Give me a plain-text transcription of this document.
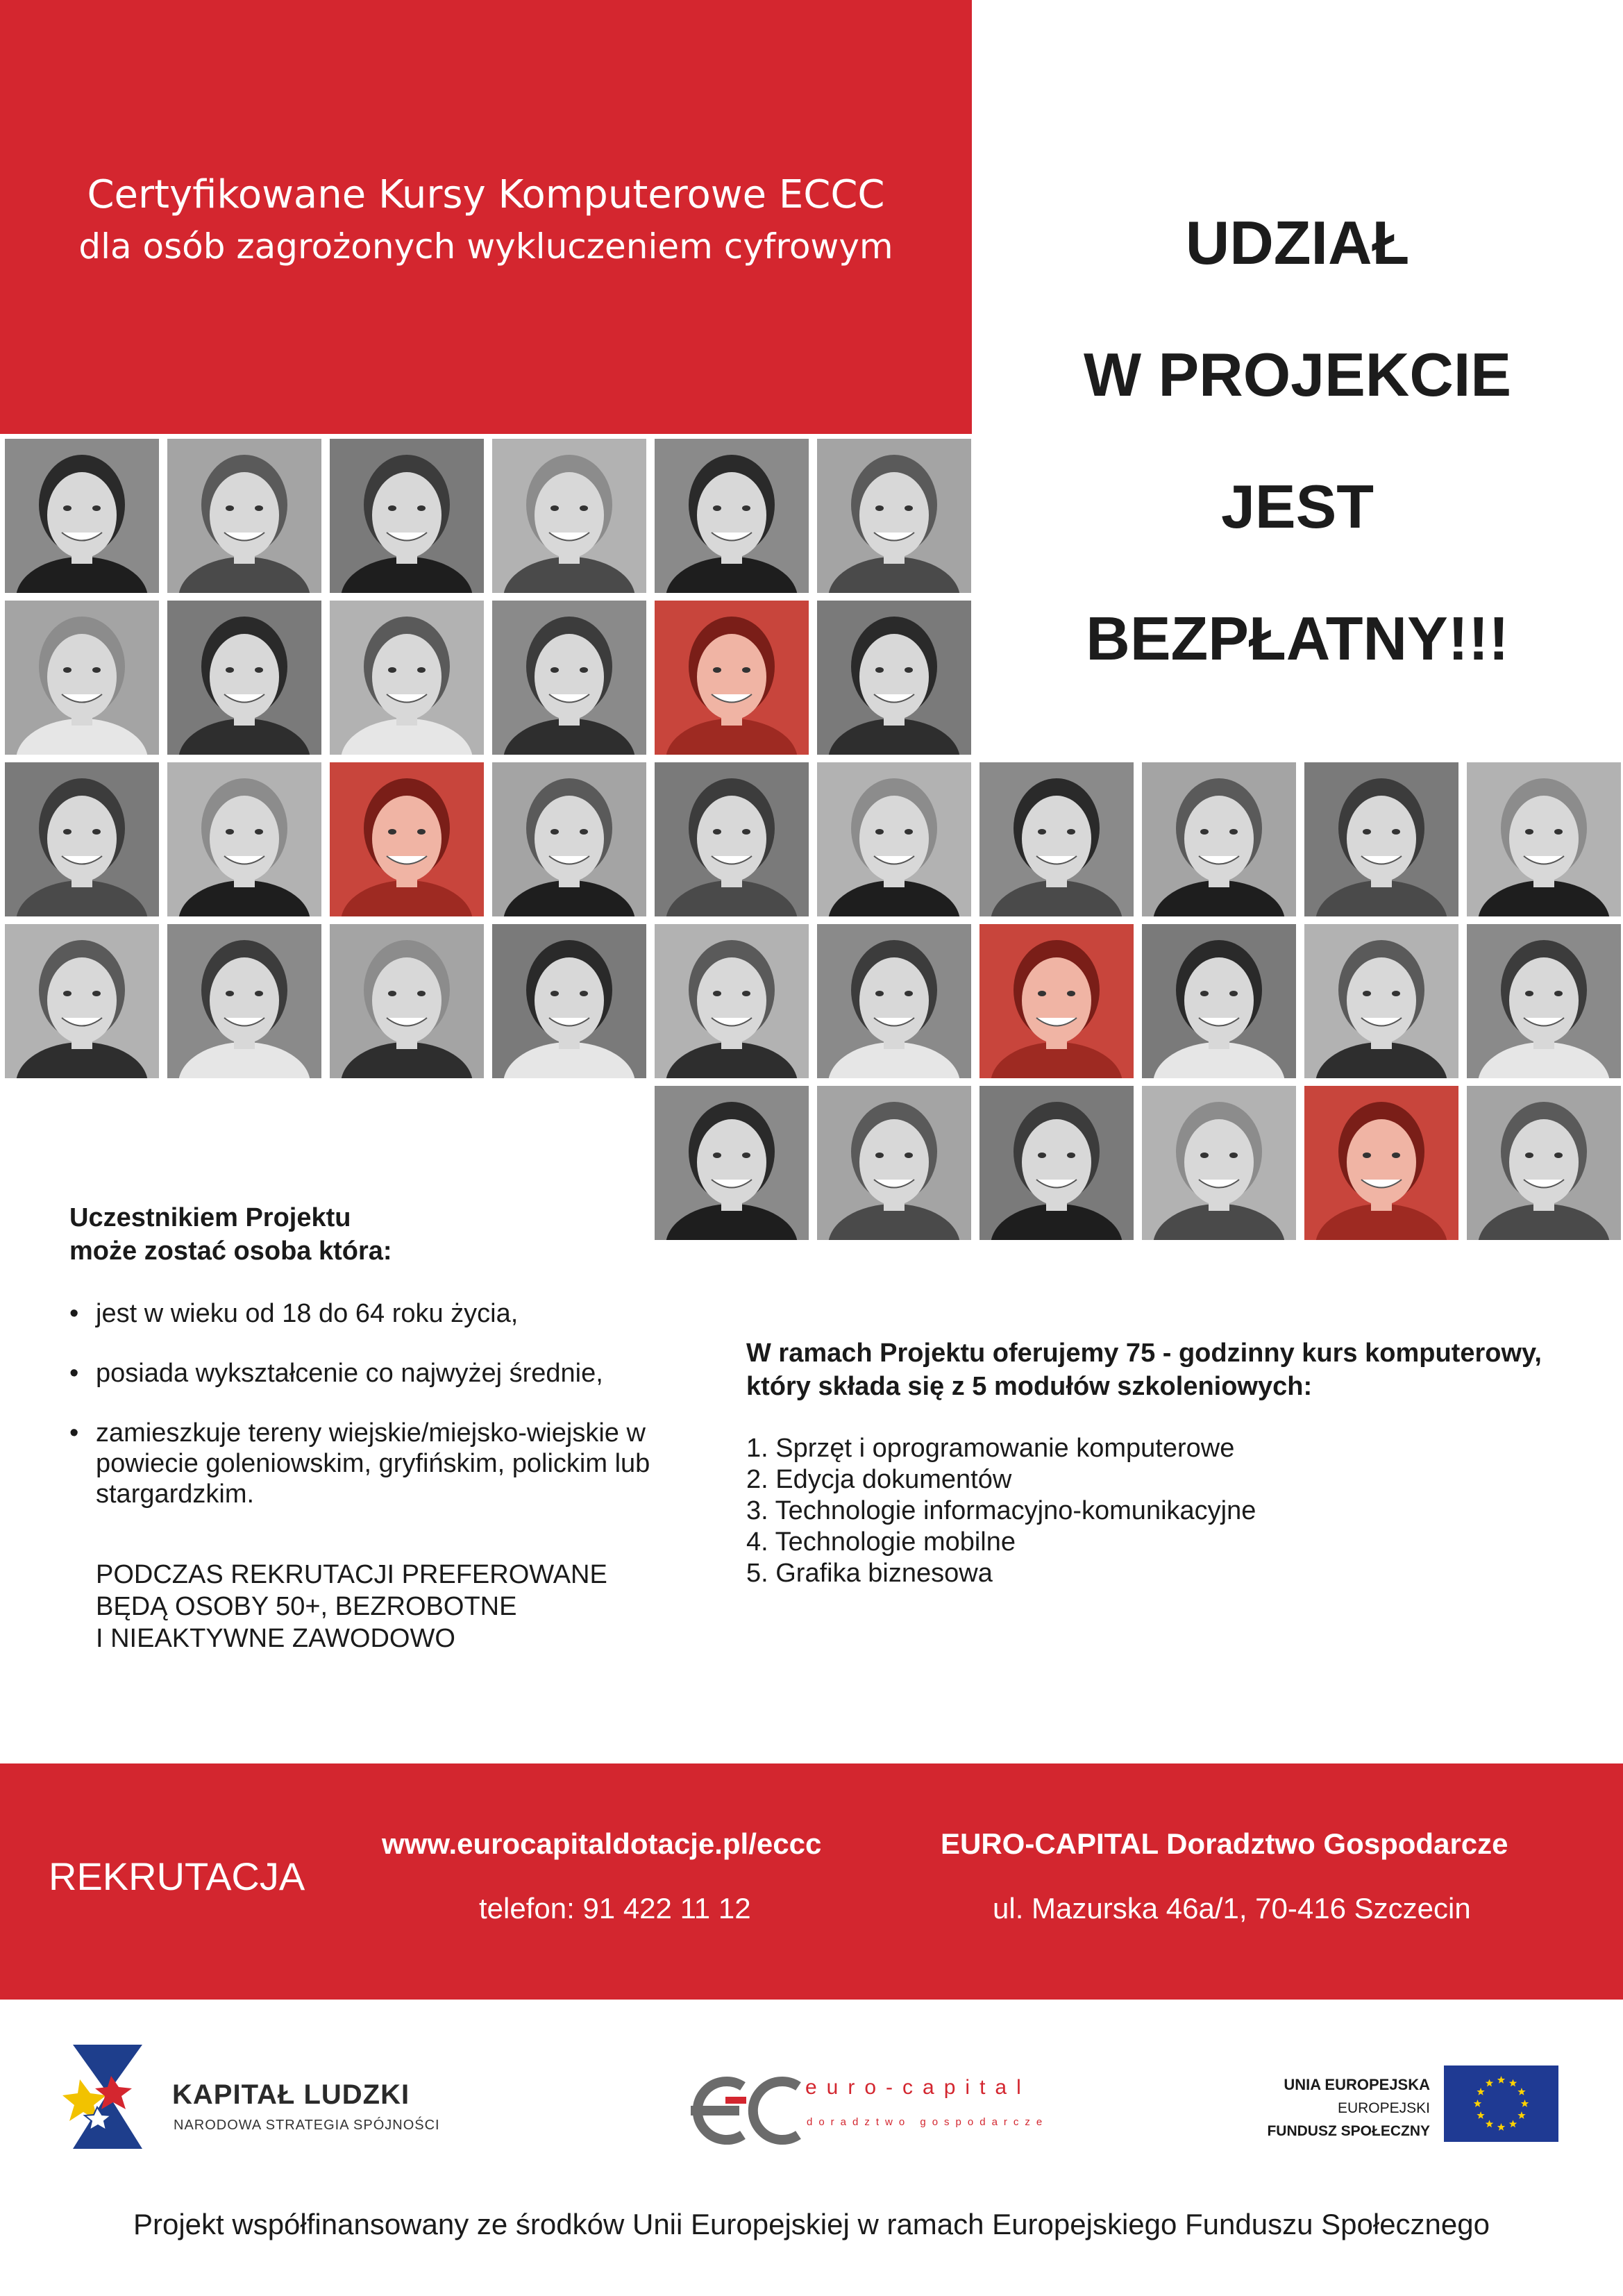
Certyfikowane Kursy Komputerowe ECCC
dla osób zagrożonych wykluczeniem cyfrowym	UDZIAŁ
W PROJEKCIE
JEST
BEZPŁATNY!!!
Uczestnikiem Projektu
może zostać osoba która:
• jest w wieku od 18 do 64 roku życia,
• posiada wykształcenie co najwyżej średnie,
• zamieszkuje tereny wiejskie/miejsko-wiejskie w powiecie goleniowskim, gryfińskim, polickim lub stargardzkim.
PODCZAS REKRUTACJI PREFEROWANE
BĘDĄ OSOBY 50+, BEZROBOTNE
I NIEAKTYWNE ZAWODOWO
W ramach Projektu oferujemy 75 - godzinny kurs komputerowy,
który składa się z 5 modułów szkoleniowych:
1. Sprzęt i oprogramowanie komputerowe
2. Edycja dokumentów
3. Technologie informacyjno-komunikacyjne
4. Technologie mobilne
5. Grafika biznesowa
REKRUTACJA
www.eurocapitaldotacje.pl/eccc
telefon: 91 422 11 12
EURO-CAPITAL Doradztwo Gospodarcze
ul. Mazurska 46a/1, 70-416 Szczecin
KAPITAŁ LUDZKI
NARODOWA STRATEGIA SPÓJNOŚCI
euro-capital
doradztwo gospodarcze
UNIA EUROPEJSKA
EUROPEJSKI
FUNDUSZ SPOŁECZNY
Projekt współfinansowany ze środków Unii Europejskiej w ramach Europejskiego Funduszu Społecznego
